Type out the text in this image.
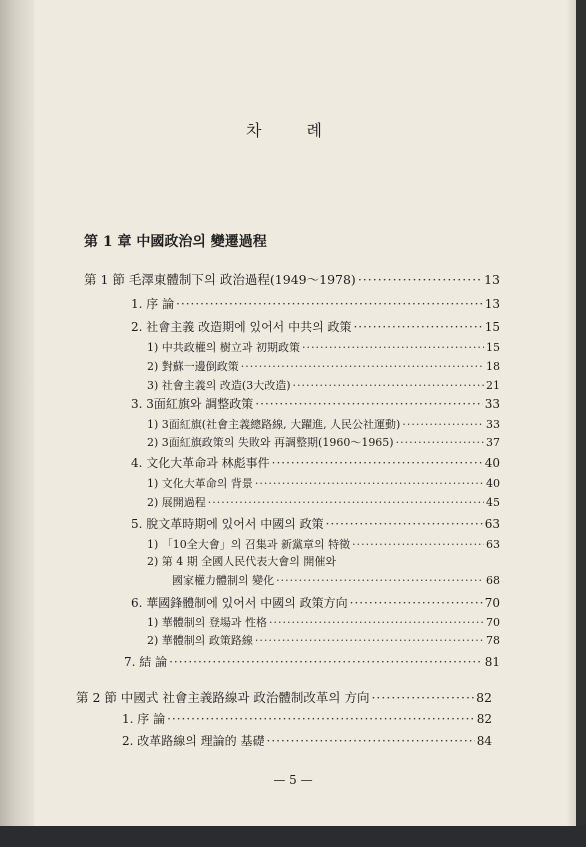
차 례
第 1 章 中國政治의 變遷過程
第 1 節 毛澤東體制下의 政治過程(1949～1978) ·····	13
1. 序 論 ·····	13
2. 社會主義 改造期에 있어서 中共의 政策 ·····	15
1) 中共政權의 樹立과 初期政策 ·····	15
2) 對蘇一邊倒政策 ·····	18
3) 社會主義의 改造(3大改造) ·····	21
3. 3面紅旗와 調整政策 ·····	33
1) 3面紅旗(社會主義總路線, 大躍進, 人民公社運動) ·····	33
2) 3面紅旗政策의 失敗와 再調整期(1960～1965) ·····	37
4. 文化大革命과 林彪事件 ·····	40
1) 文化大革命의 背景 ·····	40
2) 展開過程 ·····	45
5. 脫文革時期에 있어서 中國의 政策 ·····	63
1) 「10全大會」의 召集과 新黨章의 特徵 ·····	63
2) 第 4 期 全國人民代表大會의 開催와
國家權力體制의 變化 ·····	68
6. 華國鋒體制에 있어서 中國의 政策方向 ·····	70
1) 華體制의 登場과 性格 ·····	70
2) 華體制의 政策路線 ·····	78
7. 結 論 ·····	81
第 2 節 中國式 社會主義路線과 政治體制改革의 方向 ·····	82
1. 序 論 ·····	82
2. 改革路線의 理論的 基礎 ·····	84
— 5 —
